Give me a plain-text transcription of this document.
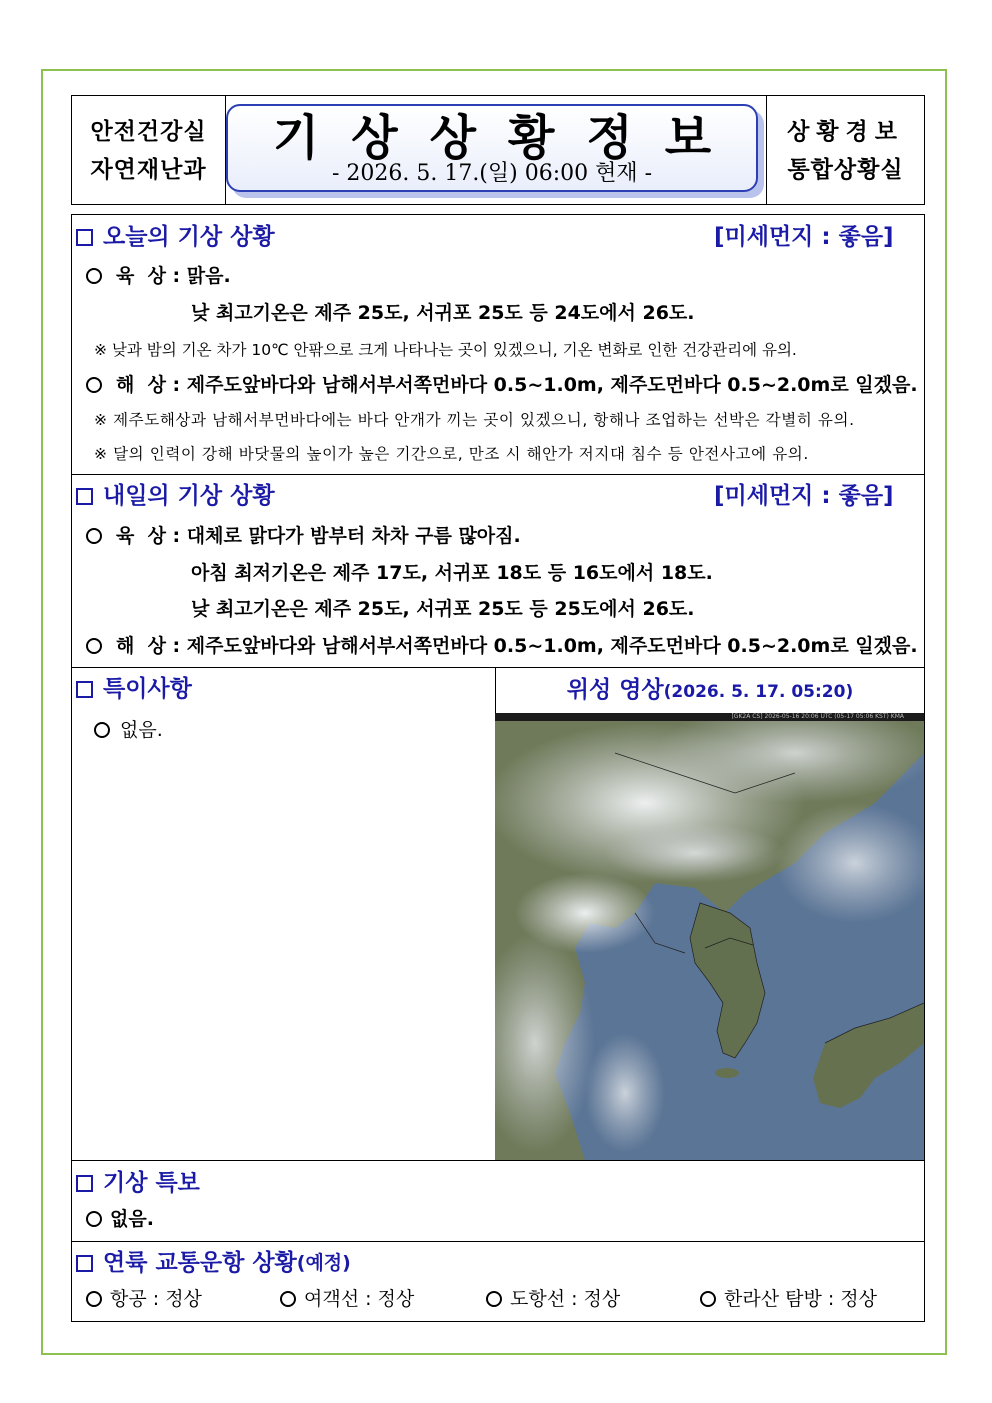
안전건강실
자연재난과
상황경보
통합상황실
기상상황정보
- 2026. 5. 17.(일) 06:00 현재 -
오늘의 기상 상황	[미세먼지 : 좋음]
육  상 : 맑음.
낮 최고기온은 제주 25도, 서귀포 25도 등 24도에서 26도.
※ 낮과 밤의 기온 차가 10℃ 안팎으로 크게 나타나는 곳이 있겠으니, 기온 변화로 인한 건강관리에 유의.
해  상 : 제주도앞바다와 남해서부서쪽먼바다 0.5~1.0m, 제주도먼바다 0.5~2.0m로 일겠음.
※ 제주도해상과 남해서부먼바다에는 바다 안개가 끼는 곳이 있겠으니, 항해나 조업하는 선박은 각별히 유의.
※ 달의 인력이 강해 바닷물의 높이가 높은 기간으로, 만조 시 해안가 저지대 침수 등 안전사고에 유의.
내일의 기상 상황	[미세먼지 : 좋음]
육  상 : 대체로 맑다가 밤부터 차차 구름 많아짐.
아침 최저기온은 제주 17도, 서귀포 18도 등 16도에서 18도.
낮 최고기온은 제주 25도, 서귀포 25도 등 25도에서 26도.
해  상 : 제주도앞바다와 남해서부서쪽먼바다 0.5~1.0m, 제주도먼바다 0.5~2.0m로 일겠음.
특이사항
없음.
위성 영상(2026. 5. 17. 05:20)
[GK2A CS] 2026-05-16 20:06 UTC (05-17 05:06 KST) KMA
기상 특보
없음.
연륙 교통운항 상황 (예정)
항공 : 정상	여객선 : 정상	도항선 : 정상	한라산 탐방 : 정상
